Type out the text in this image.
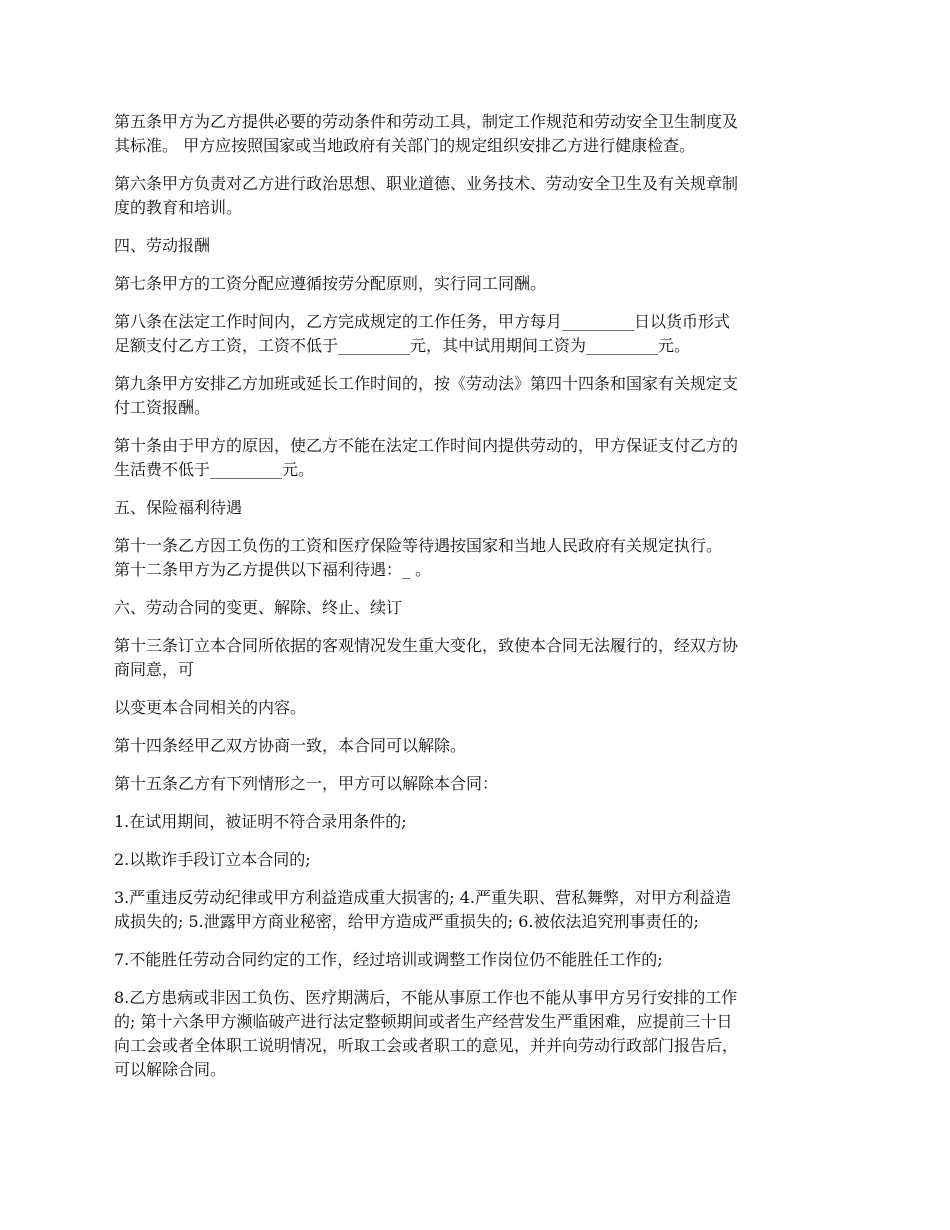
第五条甲方为乙方提供必要的劳动条件和劳动工具，制定工作规范和劳动安全卫生制度及
其标准。 甲方应按照国家或当地政府有关部门的规定组织安排乙方进行健康检查。

第六条甲方负责对乙方进行政治思想、职业道德、业务技术、劳动安全卫生及有关规章制
度的教育和培训。

四、劳动报酬

第七条甲方的工资分配应遵循按劳分配原则，实行同工同酬。

第八条在法定工作时间内，乙方完成规定的工作任务，甲方每月_________日以货币形式
足额支付乙方工资，工资不低于_________元，其中试用期间工资为_________元。

第九条甲方安排乙方加班或延长工作时间的，按《劳动法》第四十四条和国家有关规定支
付工资报酬。

第十条由于甲方的原因，使乙方不能在法定工作时间内提供劳动的，甲方保证支付乙方的
生活费不低于_________元。

五、保险福利待遇

第十一条乙方因工负伤的工资和医疗保险等待遇按国家和当地人民政府有关规定执行。
第十二条甲方为乙方提供以下福利待遇：_ 。

六、劳动合同的变更、解除、终止、续订

第十三条订立本合同所依据的客观情况发生重大变化，致使本合同无法履行的，经双方协
商同意，可

以变更本合同相关的内容。

第十四条经甲乙双方协商一致，本合同可以解除。

第十五条乙方有下列情形之一，甲方可以解除本合同：

1.在试用期间，被证明不符合录用条件的;

2.以欺诈手段订立本合同的;

3.严重违反劳动纪律或甲方利益造成重大损害的; 4.严重失职、营私舞弊，对甲方利益造
成损失的; 5.泄露甲方商业秘密，给甲方造成严重损失的; 6.被依法追究刑事责任的;

7.不能胜任劳动合同约定的工作，经过培训或调整工作岗位仍不能胜任工作的;

8.乙方患病或非因工负伤、医疗期满后，不能从事原工作也不能从事甲方另行安排的工作
的; 第十六条甲方濒临破产进行法定整顿期间或者生产经营发生严重困难，应提前三十日
向工会或者全体职工说明情况，听取工会或者职工的意见，并并向劳动行政部门报告后，
可以解除合同。
